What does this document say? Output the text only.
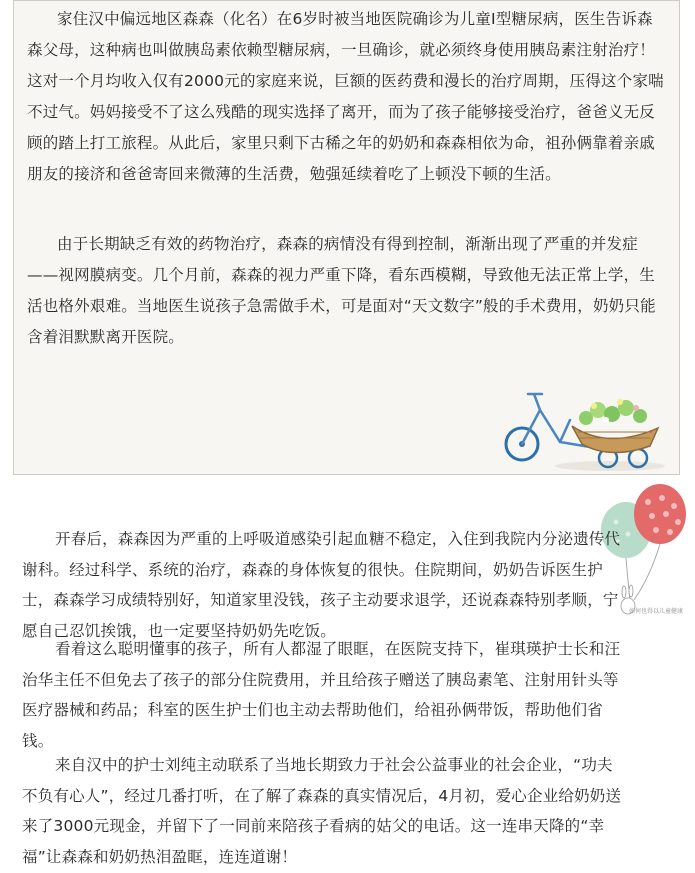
家住汉中偏远地区森森（化名）在6岁时被当地医院确诊为儿童Ⅰ型糖尿病，医生告诉森森父母，这种病也叫做胰岛素依赖型糖尿病，一旦确诊，就必须终身使用胰岛素注射治疗！这对一个月均收入仅有2000元的家庭来说，巨额的医药费和漫长的治疗周期，压得这个家喘不过气。妈妈接受不了这么残酷的现实选择了离开，而为了孩子能够接受治疗，爸爸义无反顾的踏上打工旅程。从此后，家里只剩下古稀之年的奶奶和森森相依为命，祖孙俩靠着亲戚朋友的接济和爸爸寄回来微薄的生活费，勉强延续着吃了上顿没下顿的生活。

由于长期缺乏有效的药物治疗，森森的病情没有得到控制，渐渐出现了严重的并发症——视网膜病变。几个月前，森森的视力严重下降，看东西模糊，导致他无法正常上学，生活也格外艰难。当地医生说孩子急需做手术，可是面对“天文数字”般的手术费用，奶奶只能含着泪默默离开医院。

如何也得以儿童健康

开春后，森森因为严重的上呼吸道感染引起血糖不稳定，入住到我院内分泌遗传代谢科。经过科学、系统的治疗，森森的身体恢复的很快。住院期间，奶奶告诉医生护士，森森学习成绩特别好，知道家里没钱，孩子主动要求退学，还说森森特别孝顺，宁愿自己忍饥挨饿，也一定要坚持奶奶先吃饭。

看着这么聪明懂事的孩子，所有人都湿了眼眶，在医院支持下，崔琪瑛护士长和汪治华主任不但免去了孩子的部分住院费用，并且给孩子赠送了胰岛素笔、注射用针头等医疗器械和药品；科室的医生护士们也主动去帮助他们，给祖孙俩带饭，帮助他们省钱。

来自汉中的护士刘纯主动联系了当地长期致力于社会公益事业的社会企业，“功夫不负有心人”，经过几番打听，在了解了森森的真实情况后，4月初，爱心企业给奶奶送来了3000元现金，并留下了一同前来陪孩子看病的姑父的电话。这一连串天降的“幸福”让森森和奶奶热泪盈眶，连连道谢！
